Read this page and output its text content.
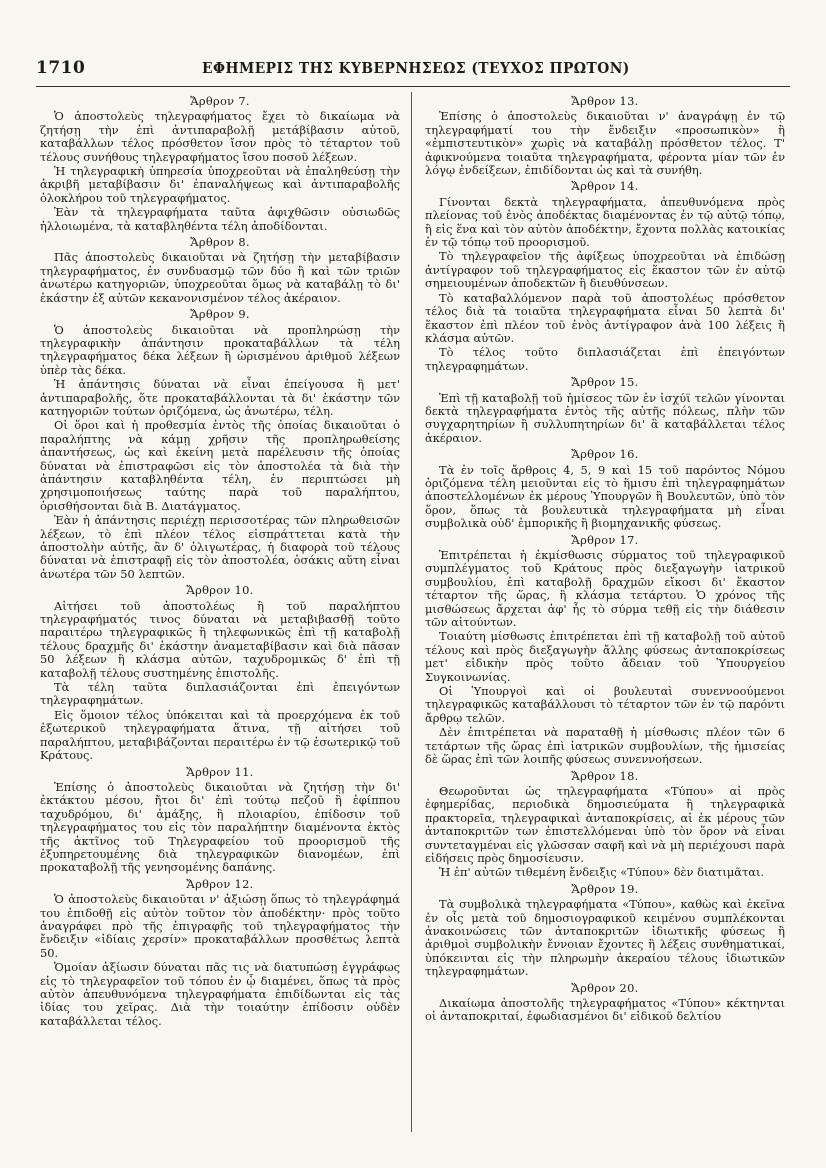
1710	ΕΦΗΜΕΡΙΣ ΤΗΣ ΚΥΒΕΡΝΗΣΕΩΣ (ΤΕΥΧΟΣ ΠΡΩΤΟΝ)
Ἄρθρον 7.

Ὁ ἀποστολεὺς τηλεγραφήματος ἔχει τὸ δικαίωμα νὰ ζητήσῃ τὴν ἐπὶ ἀντιπαραβολῇ μετάβίβασιν αὐτοῦ, καταβάλλων τέλος πρόσθετον ἴσον πρὸς τὸ τέταρτον τοῦ τέλους συνήθους τηλεγραφήματος ἴσου ποσοῦ λέξεων.

Ἡ τηλεγραφικὴ ὑπηρεσία ὑποχρεοῦται νὰ ἐπαληθεύσῃ τὴν ἀκριβῆ μεταβίβασιν δι' ἐπαναλήψεως καὶ ἀντιπαραβολῆς ὁλοκλήρου τοῦ τηλεγραφήματος.

Ἐὰν τὰ τηλεγραφήματα ταῦτα ἀφιχθῶσιν οὐσιωδῶς ἠλλοιωμένα, τὰ καταβληθέντα τέλη ἀποδίδονται.

Ἄρθρον 8.

Πᾶς ἀποστολεὺς δικαιοῦται νὰ ζητήσῃ τὴν μεταβίβασιν τηλεγραφήματος, ἐν συνδυασμῷ τῶν δύο ἢ καὶ τῶν τριῶν ἀνωτέρω κατηγοριῶν, ὑποχρεοῦται ὅμως νὰ καταβάλῃ τὸ δι' ἑκάστην ἐξ αὐτῶν κεκανονισμένον τέλος ἀκέραιον.

Ἄρθρον 9.

Ὁ ἀποστολεὺς δικαιοῦται νὰ προπληρώσῃ τὴν τηλεγραφικὴν ἀπάντησιν προκαταβάλλων τὰ τέλη τηλεγραφήματος δέκα λέξεων ἢ ὡρισμένου ἀριθμοῦ λέξεων ὑπὲρ τὰς δέκα.

Ἡ ἀπάντησις δύναται νὰ εἶναι ἐπείγουσα ἢ μετ' ἀντιπαραβολῆς, ὅτε προκαταβάλλονται τὰ δι' ἑκάστην τῶν κατηγοριῶν τούτων ὁριζόμενα, ὡς ἀνωτέρω, τέλη.

Οἱ ὅροι καὶ ἡ προθεσμία ἐντὸς τῆς ὁποίας δικαιοῦται ὁ παραλήπτης νὰ κάμῃ χρῆσιν τῆς προπληρωθείσης ἀπαντήσεως, ὡς καὶ ἐκείνη μετὰ παρέλευσιν τῆς ὁποίας δύναται νὰ ἐπιστραφῶσι εἰς τὸν ἀποστολέα τὰ διὰ τὴν ἀπάντησιν καταβληθέντα τέλη, ἐν περιπτώσει μὴ χρησιμοποιήσεως ταύτης παρὰ τοῦ παραλήπτου, ὁρισθήσονται διὰ Β. Διατάγματος.

Ἐὰν ἡ ἀπάντησις περιέχῃ περισσοτέρας τῶν πληρωθεισῶν λέξεων, τὸ ἐπὶ πλέον τέλος εἰσπράττεται κατὰ τὴν ἀποστολὴν αὐτῆς, ἂν δ' ὀλιγωτέρας, ἡ διαφορὰ τοῦ τέλους δύναται νὰ ἐπιστραφῇ εἰς τὸν ἀποστολέα, ὁσάκις αὕτη εἶναι ἀνωτέρα τῶν 50 λεπτῶν.

Ἄρθρον 10.

Αἰτήσει τοῦ ἀποστολέως ἢ τοῦ παραλήπτου τηλεγραφήματός τινος δύναται νὰ μεταβιβασθῇ τοῦτο παραιτέρω τηλεγραφικῶς ἢ τηλεφωνικῶς ἐπὶ τῇ καταβολῇ τέλους δραχμῆς δι' ἑκάστην ἀναμεταβίβασιν καὶ διὰ πᾶσαν 50 λέξεων ἢ κλάσμα αὐτῶν, ταχυδρομικῶς δ' ἐπὶ τῇ καταβολῇ τέλους συστημένης ἐπιστολῆς.

Τὰ τέλη ταῦτα διπλασιάζονται ἐπὶ ἐπειγόντων τηλεγραφημάτων.

Εἰς ὅμοιον τέλος ὑπόκειται καὶ τὰ προερχόμενα ἐκ τοῦ ἐξωτερικοῦ τηλεγραφήματα ἅτινα, τῇ αἰτήσει τοῦ παραλήπτου, μεταβιβάζονται περαιτέρω ἐν τῷ ἐσωτερικῷ τοῦ Κράτους.

Ἄρθρον 11.

Ἐπίσης ὁ ἀποστολεὺς δικαιοῦται νὰ ζητήσῃ τὴν δι' ἐκτάκτου μέσου, ἤτοι δι' ἐπὶ τούτῳ πεζοῦ ἢ ἐφίππου ταχυδρόμου, δι' ἁμάξης, ἢ πλοιαρίου, ἐπίδοσιν τοῦ τηλεγραφήματος του εἰς τὸν παραλήπτην διαμένοντα ἐκτὸς τῆς ἀκτῖνος τοῦ Τηλεγραφείου τοῦ προορισμοῦ τῆς ἐξυπηρετουμένης διὰ τηλεγραφικῶν διανομέων, ἐπὶ προκαταβολῇ τῆς γενησομένης δαπάνης.

Ἄρθρον 12.

Ὁ ἀποστολεὺς δικαιοῦται ν' ἀξιώσῃ ὅπως τὸ τηλεγράφημά του ἐπιδοθῇ εἰς αὐτὸν τοῦτον τὸν ἀποδέκτην· πρὸς τοῦτο ἀναγράφει πρὸ τῆς ἐπιγραφῆς τοῦ τηλεγραφήματος τὴν ἔνδειξιν «ἰδίαις χερσίν» προκαταβάλλων προσθέτως λεπτὰ 50.

Ὁμοίαν ἀξίωσιν δύναται πᾶς τις νὰ διατυπώσῃ ἐγγράφως εἰς τὸ τηλεγραφεῖον τοῦ τόπου ἐν ᾧ διαμένει, ὅπως τὰ πρὸς αὐτὸν ἀπευθυνόμενα τηλεγραφήματα ἐπιδίδωνται εἰς τὰς ἰδίας του χεῖρας. Διὰ τὴν τοιαύτην ἐπίδοσιν οὐδὲν καταβάλλεται τέλος.

Ἄρθρον 13.

Ἐπίσης ὁ ἀποστολεὺς δικαιοῦται ν' ἀναγράψῃ ἐν τῷ τηλεγραφήματί του τὴν ἔνδειξιν «προσωπικὸν» ἢ «ἐμπιστευτικὸν» χωρὶς νὰ καταβάλῃ πρόσθετον τέλος. Τ' ἀφικνούμενα τοιαῦτα τηλεγραφήματα, φέροντα μίαν τῶν ἐν λόγῳ ἐνδείξεων, ἐπιδίδονται ὡς καὶ τὰ συνήθη.

Ἄρθρον 14.

Γίνονται δεκτὰ τηλεγραφήματα, ἀπευθυνόμενα πρὸς πλείονας τοῦ ἑνὸς ἀποδέκτας διαμένοντας ἐν τῷ αὐτῷ τόπῳ, ἢ εἰς ἕνα καὶ τὸν αὐτὸν ἀποδέκτην, ἔχοντα πολλὰς κατοικίας ἐν τῷ τόπῳ τοῦ προορισμοῦ.

Τὸ τηλεγραφεῖον τῆς ἀφίξεως ὑποχρεοῦται νὰ ἐπιδώσῃ ἀντίγραφον τοῦ τηλεγραφήματος εἰς ἕκαστον τῶν ἐν αὐτῷ σημειουμένων ἀποδεκτῶν ἢ διευθύνσεων.

Τὸ καταβαλλόμενον παρὰ τοῦ ἀποστολέως πρόσθετον τέλος διὰ τὰ τοιαῦτα τηλεγραφήματα εἶναι 50 λεπτὰ δι' ἕκαστον ἐπὶ πλέον τοῦ ἑνὸς ἀντίγραφον ἀνὰ 100 λέξεις ἢ κλάσμα αὐτῶν.

Τὸ τέλος τοῦτο διπλασιάζεται ἐπὶ ἐπειγόντων τηλεγραφημάτων.

Ἄρθρον 15.

Ἐπὶ τῇ καταβολῇ τοῦ ἡμίσεος τῶν ἐν ἰσχύϊ τελῶν γίνονται δεκτὰ τηλεγραφήματα ἐντὸς τῆς αὐτῆς πόλεως, πλὴν τῶν συγχαρητηρίων ἢ συλλυπητηρίων δι' ἃ καταβάλλεται τέλος ἀκέραιον.

Ἄρθρον 16.

Τὰ ἐν τοῖς ἄρθροις 4, 5, 9 καὶ 15 τοῦ παρόντος Νόμου ὁριζόμενα τέλη μειοῦνται εἰς τὸ ἥμισυ ἐπὶ τηλεγραφημάτων ἀποστελλομένων ἐκ μέρους Ὑπουργῶν ἢ Βουλευτῶν, ὑπὸ τὸν ὅρον, ὅπως τὰ βουλευτικὰ τηλεγραφήματα μὴ εἶναι συμβολικὰ οὐδ' ἐμπορικῆς ἢ βιομηχανικῆς φύσεως.

Ἄρθρον 17.

Ἐπιτρέπεται ἡ ἐκμίσθωσις σύρματος τοῦ τηλεγραφικοῦ συμπλέγματος τοῦ Κράτους πρὸς διεξαγωγὴν ἰατρικοῦ συμβουλίου, ἐπὶ καταβολῇ δραχμῶν εἴκοσι δι' ἕκαστον τέταρτον τῆς ὥρας, ἢ κλάσμα τετάρτου. Ὁ χρόνος τῆς μισθώσεως ἄρχεται ἀφ' ἧς τὸ σύρμα τεθῇ εἰς τὴν διάθεσιν τῶν αἰτούντων.

Τοιαύτη μίσθωσις ἐπιτρέπεται ἐπὶ τῇ καταβολῇ τοῦ αὐτοῦ τέλους καὶ πρὸς διεξαγωγὴν ἄλλης φύσεως ἀνταποκρίσεως μετ' εἰδικὴν πρὸς τοῦτο ἄδειαν τοῦ Ὑπουργείου Συγκοινωνίας.

Οἱ Ὑπουργοὶ καὶ οἱ βουλευταὶ συνεννοούμενοι τηλεγραφικῶς καταβάλλουσι τὸ τέταρτον τῶν ἐν τῷ παρόντι ἄρθρῳ τελῶν.

Δὲν ἐπιτρέπεται νὰ παραταθῇ ἡ μίσθωσις πλέον τῶν 6 τετάρτων τῆς ὥρας ἐπὶ ἰατρικῶν συμβουλίων, τῆς ἡμισείας δὲ ὥρας ἐπὶ τῶν λοιπῆς φύσεως συνεννοήσεων.

Ἄρθρον 18.

Θεωροῦνται ὡς τηλεγραφήματα «Τύπου» αἱ πρὸς ἐφημερίδας, περιοδικὰ δημοσιεύματα ἢ τηλεγραφικὰ πρακτορεῖα, τηλεγραφικαὶ ἀνταποκρίσεις, αἱ ἐκ μέρους τῶν ἀνταποκριτῶν των ἐπιστελλόμεναι ὑπὸ τὸν ὅρον νὰ εἶναι συντεταγμέναι εἰς γλῶσσαν σαφῆ καὶ νὰ μὴ περιέχουσι παρὰ εἰδήσεις πρὸς δημοσίευσιν.

Ἡ ἐπ' αὐτῶν τιθεμένη ἔνδειξις «Τύπου» δὲν διατιμᾶται.

Ἄρθρον 19.

Τὰ συμβολικὰ τηλεγραφήματα «Τύπου», καθὼς καὶ ἐκεῖνα ἐν οἷς μετὰ τοῦ δημοσιογραφικοῦ κειμένου συμπλέκονται ἀνακοινώσεις τῶν ἀνταποκριτῶν ἰδιωτικῆς φύσεως ἢ ἀριθμοὶ συμβολικὴν ἔννοιαν ἔχοντες ἢ λέξεις συνθηματικαί, ὑπόκεινται εἰς τὴν πληρωμὴν ἀκεραίου τέλους ἰδιωτικῶν τηλεγραφημάτων.

Ἄρθρον 20.

Δικαίωμα ἀποστολῆς τηλεγραφήματος «Τύπου» κέκτηνται οἱ ἀνταποκριταί, ἐφωδιασμένοι δι' εἰδικοῦ δελτίου
